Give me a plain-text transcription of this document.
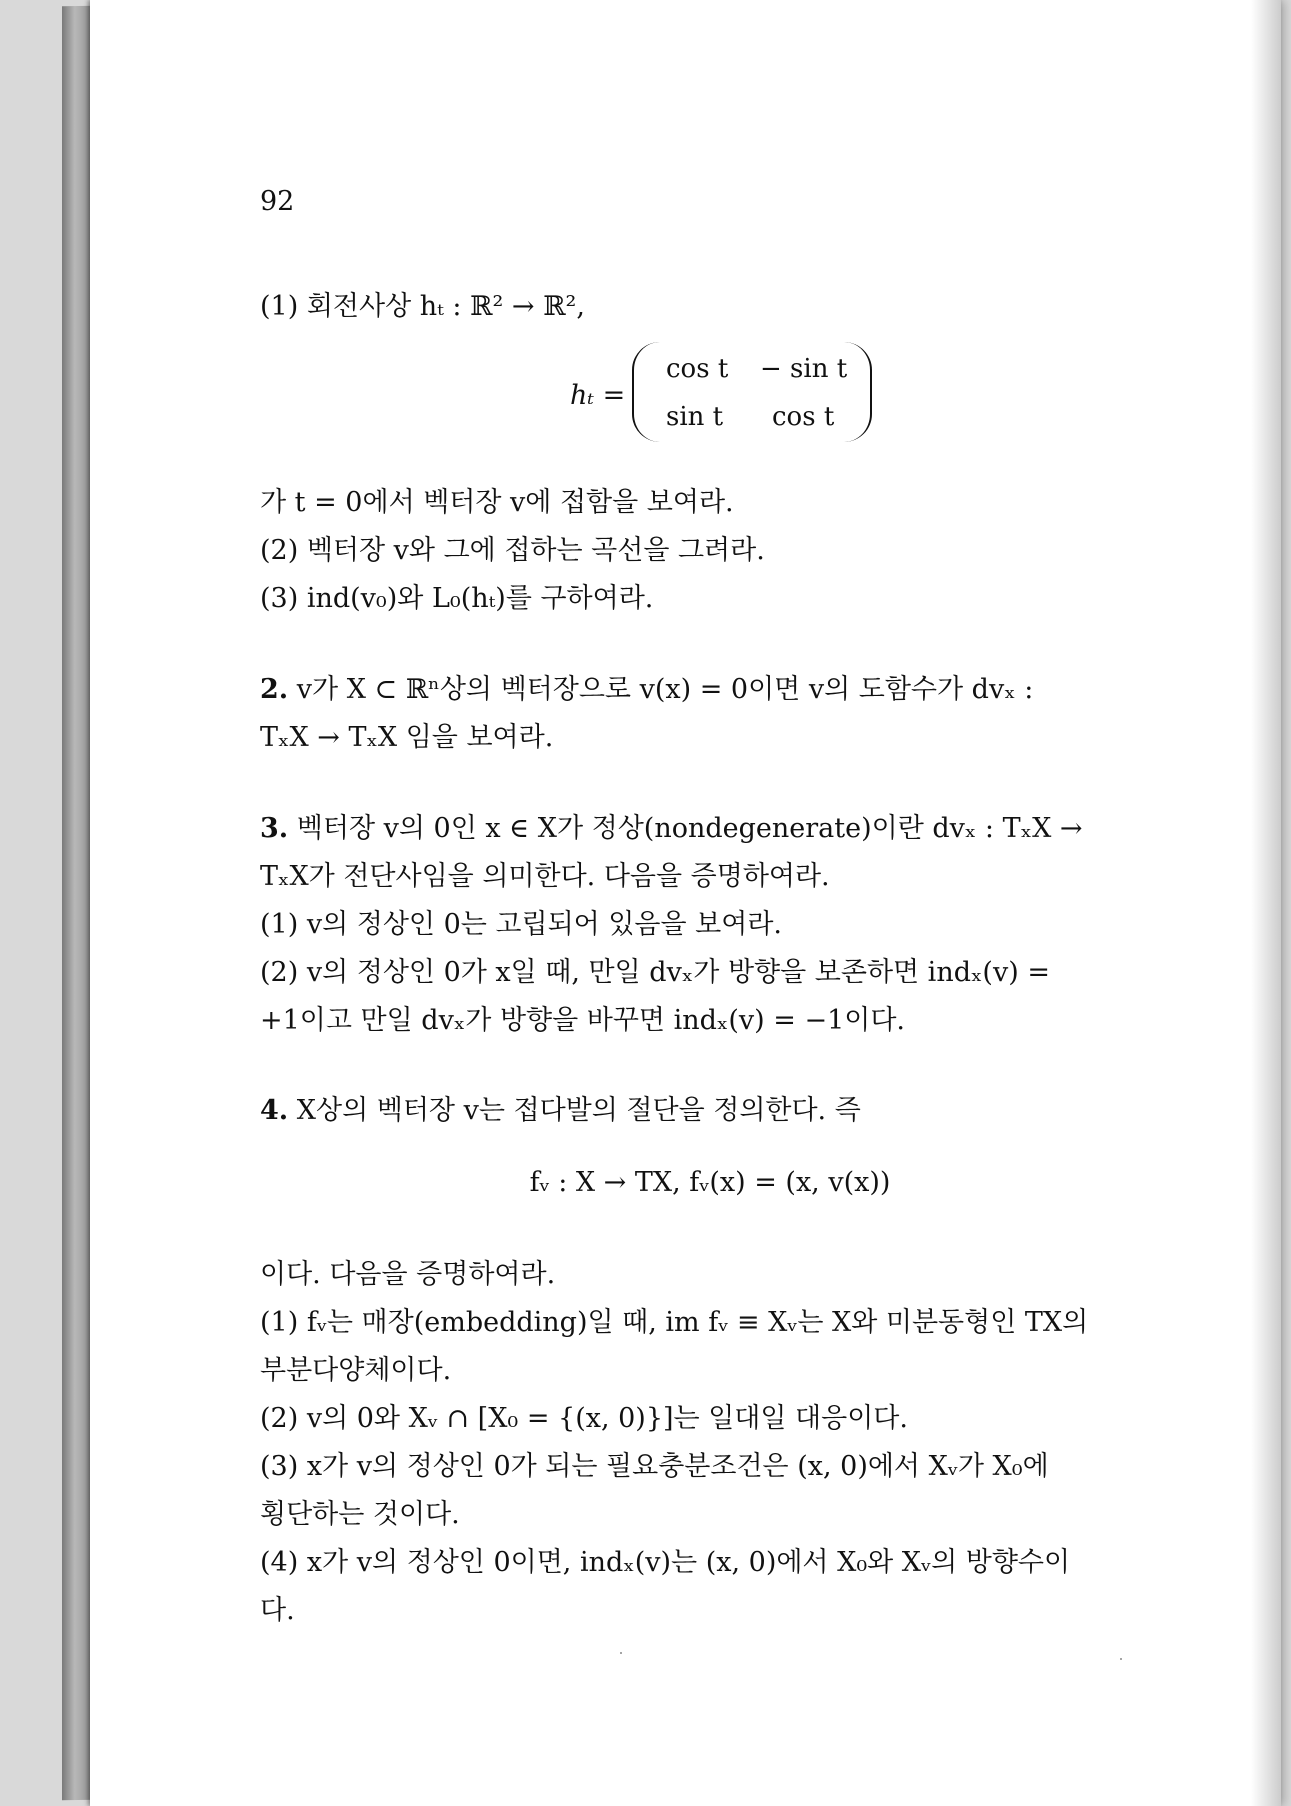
92
(1) 회전사상 hₜ : ℝ² → ℝ²,
hₜ =
cos t − sin t
sin t cos t
가 t = 0에서 벡터장 v에 접함을 보여라.
(2) 벡터장 v와 그에 접하는 곡선을 그려라.
(3) ind(v₀)와 L₀(hₜ)를 구하여라.
2. v가 X ⊂ ℝⁿ상의 벡터장으로 v(x) = 0이면 v의 도함수가 dvₓ :
TₓX → TₓX 임을 보여라.
3. 벡터장 v의 0인 x ∈ X가 정상(nondegenerate)이란 dvₓ : TₓX →
TₓX가 전단사임을 의미한다. 다음을 증명하여라.
(1) v의 정상인 0는 고립되어 있음을 보여라.
(2) v의 정상인 0가 x일 때, 만일 dvₓ가 방향을 보존하면 indₓ(v) =
+1이고 만일 dvₓ가 방향을 바꾸면 indₓ(v) = −1이다.
4. X상의 벡터장 v는 접다발의 절단을 정의한다. 즉
fᵥ : X → TX, fᵥ(x) = (x, v(x))
이다. 다음을 증명하여라.
(1) fᵥ는 매장(embedding)일 때, im fᵥ ≡ Xᵥ는 X와 미분동형인 TX의
부분다양체이다.
(2) v의 0와 Xᵥ ∩ [X₀ = {(x, 0)}]는 일대일 대응이다.
(3) x가 v의 정상인 0가 되는 필요충분조건은 (x, 0)에서 Xᵥ가 X₀에
횡단하는 것이다.
(4) x가 v의 정상인 0이면, indₓ(v)는 (x, 0)에서 X₀와 Xᵥ의 방향수이
다.
